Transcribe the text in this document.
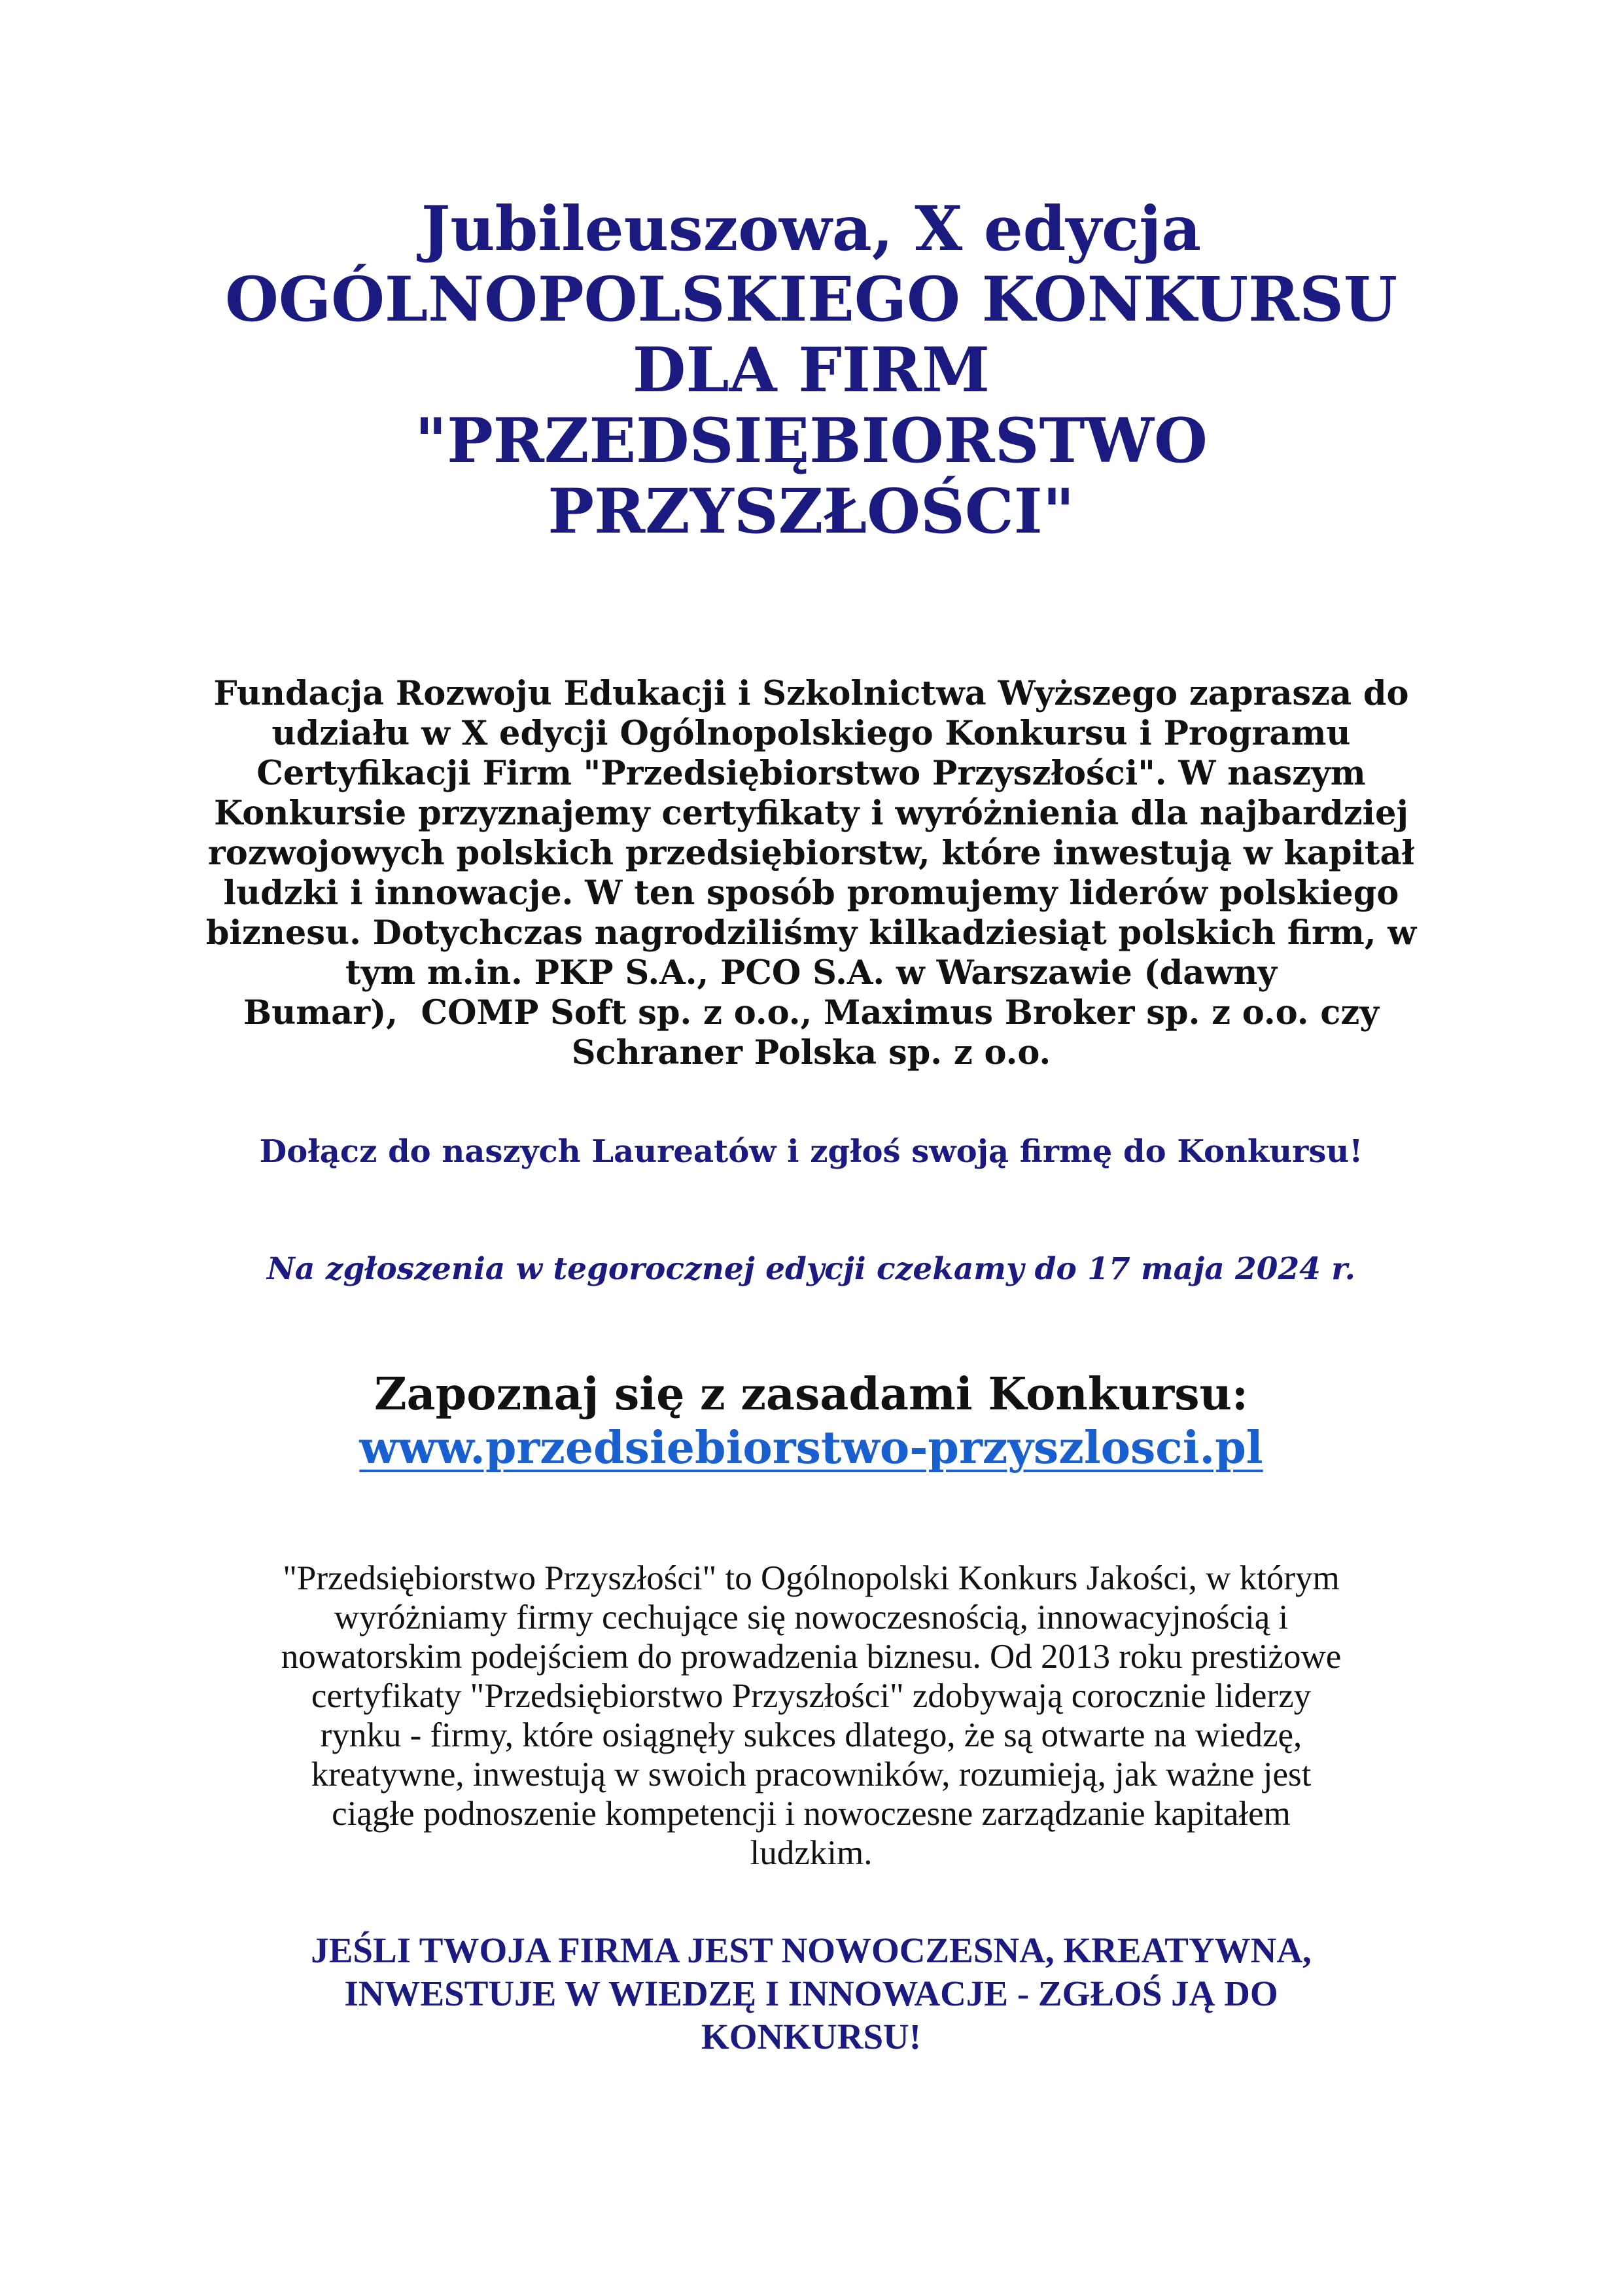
Jubileuszowa, X edycja
OGÓLNOPOLSKIEGO KONKURSU
DLA FIRM
"PRZEDSIĘBIORSTWO
PRZYSZŁOŚCI"
Fundacja Rozwoju Edukacji i Szkolnictwa Wyższego zaprasza do
udziału w X edycji Ogólnopolskiego Konkursu i Programu
Certyfikacji Firm "Przedsiębiorstwo Przyszłości". W naszym
Konkursie przyznajemy certyfikaty i wyróżnienia dla najbardziej
rozwojowych polskich przedsiębiorstw, które inwestują w kapitał
ludzki i innowacje. W ten sposób promujemy liderów polskiego
biznesu. Dotychczas nagrodziliśmy kilkadziesiąt polskich firm, w
tym m.in. PKP S.A., PCO S.A. w Warszawie (dawny
Bumar),  COMP Soft sp. z o.o., Maximus Broker sp. z o.o. czy
Schraner Polska sp. z o.o.
Dołącz do naszych Laureatów i zgłoś swoją firmę do Konkursu!
Na zgłoszenia w tegorocznej edycji czekamy do 17 maja 2024 r.
Zapoznaj się z zasadami Konkursu:
www.przedsiebiorstwo-przyszlosci.pl
"Przedsiębiorstwo Przyszłości" to Ogólnopolski Konkurs Jakości, w którym
wyróżniamy firmy cechujące się nowoczesnością, innowacyjnością i
nowatorskim podejściem do prowadzenia biznesu. Od 2013 roku prestiżowe
certyfikaty "Przedsiębiorstwo Przyszłości" zdobywają corocznie liderzy
rynku - firmy, które osiągnęły sukces dlatego, że są otwarte na wiedzę,
kreatywne, inwestują w swoich pracowników, rozumieją, jak ważne jest
ciągłe podnoszenie kompetencji i nowoczesne zarządzanie kapitałem
ludzkim.
JEŚLI TWOJA FIRMA JEST NOWOCZESNA, KREATYWNA,
INWESTUJE W WIEDZĘ I INNOWACJE - ZGŁOŚ JĄ DO
KONKURSU!
